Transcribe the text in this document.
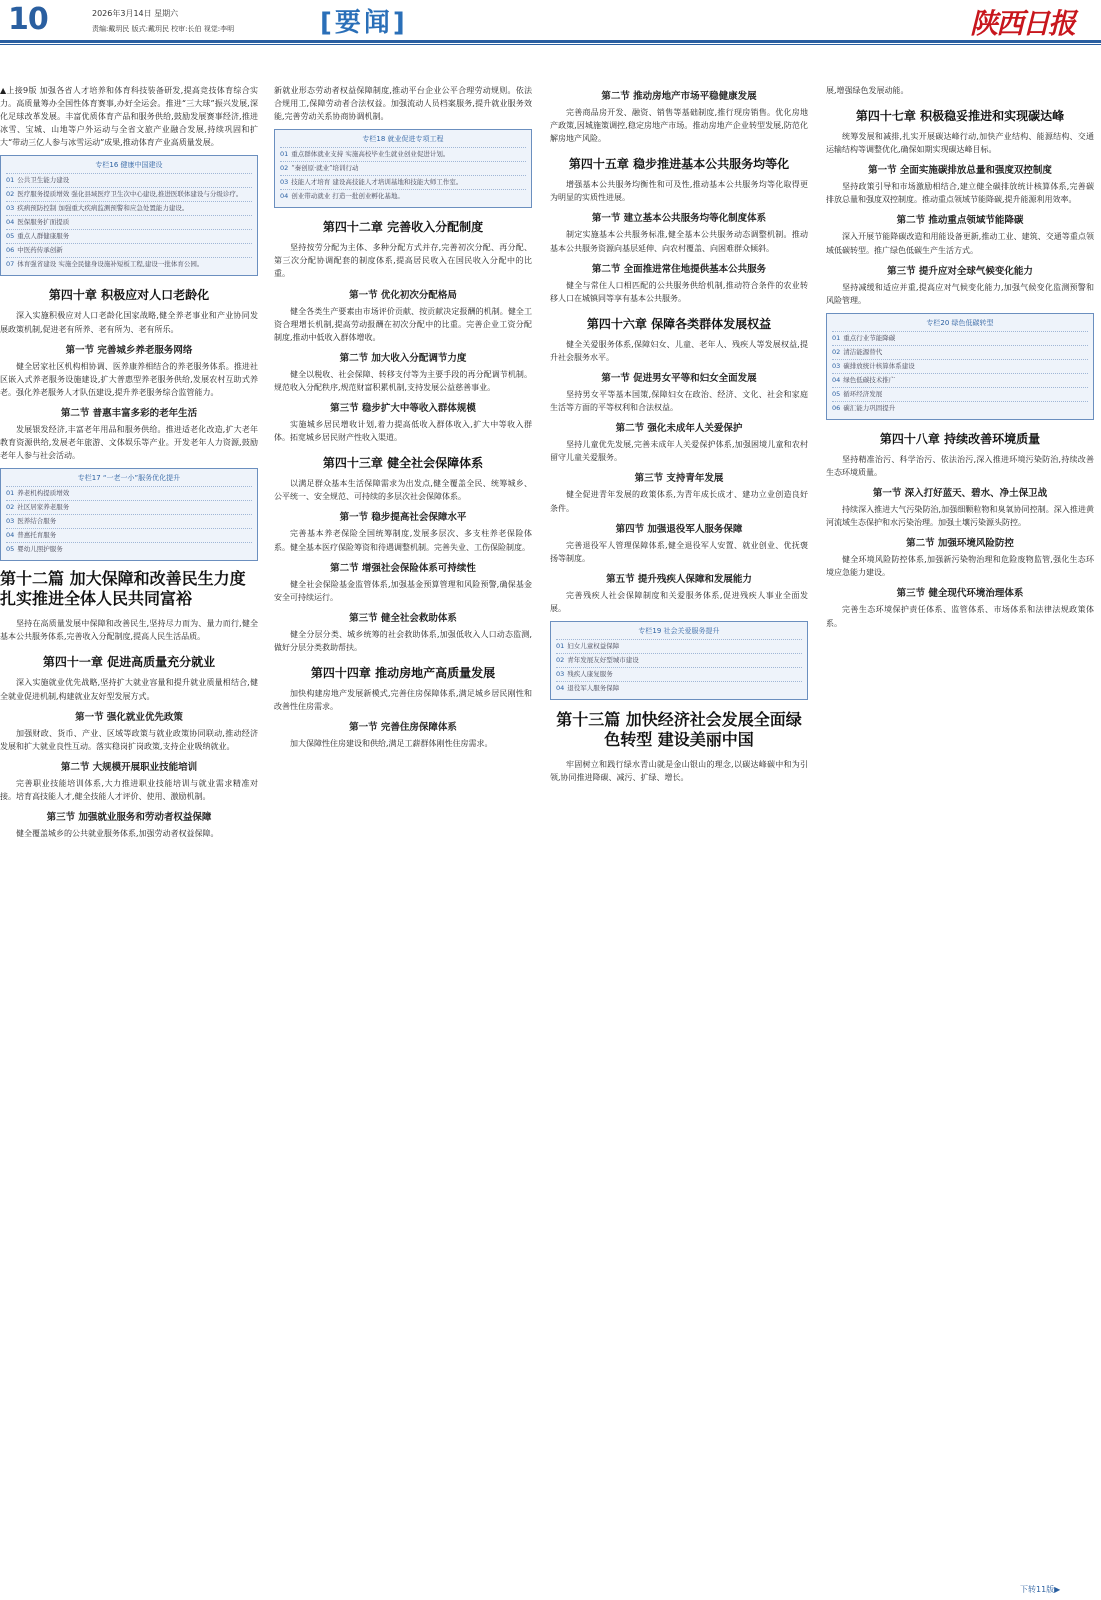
10	2026年3月14日 星期六
责编:戴玥民 版式:戴玥民 校审:长伯 视觉:李明	[要闻]	陕西日报

▲上接9版 加强各省人才培养和体育科技装备研发,提高竞技体育综合实力。高质量筹办全国性体育赛事,办好全运会。推进“三大球”振兴发展,深化足球改革发展。丰富优质体育产品和服务供给,鼓励发展赛事经济,推进冰雪、宝城、山地等户外运动与全省文旅产业融合发展,持续巩固和扩大“带动三亿人参与冰雪运动”成果,推动体育产业高质量发展。

专栏16 健康中国建设
01 公共卫生能力建设
02 医疗服务提质增效 强化县域医疗卫生次中心建设,推进医联体建设与分级诊疗。
03 疾病预防控制 加强重大疾病监测预警和应急处置能力建设。
04 医保服务扩面提质
05 重点人群健康服务
06 中医药传承创新
07 体育强省建设 实施全民健身设施补短板工程,建设一批体育公园。
第四十章 积极应对人口老龄化

深入实施积极应对人口老龄化国家战略,健全养老事业和产业协同发展政策机制,促进老有所养、老有所为、老有所乐。

第一节 完善城乡养老服务网络

健全居家社区机构相协调、医养康养相结合的养老服务体系。推进社区嵌入式养老服务设施建设,扩大普惠型养老服务供给,发展农村互助式养老。强化养老服务人才队伍建设,提升养老服务综合监管能力。

第二节 普惠丰富多彩的老年生活

发展银发经济,丰富老年用品和服务供给。推进适老化改造,扩大老年教育资源供给,发展老年旅游、文体娱乐等产业。开发老年人力资源,鼓励老年人参与社会活动。

专栏17 “一老一小”服务优化提升
01 养老机构提质增效
02 社区居家养老服务
03 医养结合服务
04 普惠托育服务
05 婴幼儿照护服务
第十二篇 加大保障和改善民生力度 扎实推进全体人民共同富裕

坚持在高质量发展中保障和改善民生,坚持尽力而为、量力而行,健全基本公共服务体系,完善收入分配制度,提高人民生活品质。

第四十一章 促进高质量充分就业

深入实施就业优先战略,坚持扩大就业容量和提升就业质量相结合,健全就业促进机制,构建就业友好型发展方式。

第一节 强化就业优先政策

加强财政、货币、产业、区域等政策与就业政策协同联动,推动经济发展和扩大就业良性互动。落实稳岗扩岗政策,支持企业吸纳就业。

第二节 大规模开展职业技能培训

完善职业技能培训体系,大力推进职业技能培训与就业需求精准对接。培育高技能人才,健全技能人才评价、使用、激励机制。

第三节 加强就业服务和劳动者权益保障

健全覆盖城乡的公共就业服务体系,加强劳动者权益保障。

新就业形态劳动者权益保障制度,推动平台企业公平合理劳动规则。依法合规用工,保障劳动者合法权益。加强流动人员档案服务,提升就业服务效能,完善劳动关系协商协调机制。

专栏18 就业促进专项工程
01 重点群体就业支持 实施高校毕业生就业创业促进计划。
02 “秦创原·就业”培训行动
03 技能人才培育 建设高技能人才培训基地和技能大师工作室。
04 创业带动就业 打造一批创业孵化基地。
第四十二章 完善收入分配制度

坚持按劳分配为主体、多种分配方式并存,完善初次分配、再分配、第三次分配协调配套的制度体系,提高居民收入在国民收入分配中的比重。

第一节 优化初次分配格局

健全各类生产要素由市场评价贡献、按贡献决定报酬的机制。健全工资合理增长机制,提高劳动报酬在初次分配中的比重。完善企业工资分配制度,推动中低收入群体增收。

第二节 加大收入分配调节力度

健全以税收、社会保障、转移支付等为主要手段的再分配调节机制。规范收入分配秩序,规范财富积累机制,支持发展公益慈善事业。

第三节 稳步扩大中等收入群体规模

实施城乡居民增收计划,着力提高低收入群体收入,扩大中等收入群体。拓宽城乡居民财产性收入渠道。

第四十三章 健全社会保障体系

以满足群众基本生活保障需求为出发点,健全覆盖全民、统筹城乡、公平统一、安全规范、可持续的多层次社会保障体系。

第一节 稳步提高社会保障水平

完善基本养老保险全国统筹制度,发展多层次、多支柱养老保险体系。健全基本医疗保险筹资和待遇调整机制。完善失业、工伤保险制度。

第二节 增强社会保险体系可持续性

健全社会保险基金监管体系,加强基金预算管理和风险预警,确保基金安全可持续运行。

第三节 健全社会救助体系

健全分层分类、城乡统筹的社会救助体系,加强低收入人口动态监测,做好分层分类救助帮扶。

第四十四章 推动房地产高质量发展

加快构建房地产发展新模式,完善住房保障体系,满足城乡居民刚性和改善性住房需求。

第一节 完善住房保障体系

加大保障性住房建设和供给,满足工薪群体刚性住房需求。

第二节 推动房地产市场平稳健康发展

完善商品房开发、融资、销售等基础制度,推行现房销售。优化房地产政策,因城施策调控,稳定房地产市场。推动房地产企业转型发展,防范化解房地产风险。

第四十五章 稳步推进基本公共服务均等化

增强基本公共服务均衡性和可及性,推动基本公共服务均等化取得更为明显的实质性进展。

第一节 建立基本公共服务均等化制度体系

制定实施基本公共服务标准,健全基本公共服务动态调整机制。推动基本公共服务资源向基层延伸、向农村覆盖、向困难群众倾斜。

第二节 全面推进常住地提供基本公共服务

健全与常住人口相匹配的公共服务供给机制,推动符合条件的农业转移人口在城镇同等享有基本公共服务。

第四十六章 保障各类群体发展权益

健全关爱服务体系,保障妇女、儿童、老年人、残疾人等发展权益,提升社会服务水平。

第一节 促进男女平等和妇女全面发展

坚持男女平等基本国策,保障妇女在政治、经济、文化、社会和家庭生活等方面的平等权利和合法权益。

第二节 强化未成年人关爱保护

坚持儿童优先发展,完善未成年人关爱保护体系,加强困境儿童和农村留守儿童关爱服务。

第三节 支持青年发展

健全促进青年发展的政策体系,为青年成长成才、建功立业创造良好条件。

第四节 加强退役军人服务保障

完善退役军人管理保障体系,健全退役军人安置、就业创业、优抚褒扬等制度。

第五节 提升残疾人保障和发展能力

完善残疾人社会保障制度和关爱服务体系,促进残疾人事业全面发展。

专栏19 社会关爱服务提升
01 妇女儿童权益保障
02 青年发展友好型城市建设
03 残疾人康复服务
04 退役军人服务保障
第十三篇 加快经济社会发展全面绿色转型 建设美丽中国

牢固树立和践行绿水青山就是金山银山的理念,以碳达峰碳中和为引领,协同推进降碳、减污、扩绿、增长。

展,增强绿色发展动能。

第四十七章 积极稳妥推进和实现碳达峰

统筹发展和减排,扎实开展碳达峰行动,加快产业结构、能源结构、交通运输结构等调整优化,确保如期实现碳达峰目标。

第一节 全面实施碳排放总量和强度双控制度

坚持政策引导和市场激励相结合,建立健全碳排放统计核算体系,完善碳排放总量和强度双控制度。推动重点领域节能降碳,提升能源利用效率。

第二节 推动重点领域节能降碳

深入开展节能降碳改造和用能设备更新,推动工业、建筑、交通等重点领域低碳转型。推广绿色低碳生产生活方式。

第三节 提升应对全球气候变化能力

坚持减缓和适应并重,提高应对气候变化能力,加强气候变化监测预警和风险管理。

专栏20 绿色低碳转型
01 重点行业节能降碳
02 清洁能源替代
03 碳排放统计核算体系建设
04 绿色低碳技术推广
05 循环经济发展
06 碳汇能力巩固提升
第四十八章 持续改善环境质量

坚持精准治污、科学治污、依法治污,深入推进环境污染防治,持续改善生态环境质量。

第一节 深入打好蓝天、碧水、净土保卫战

持续深入推进大气污染防治,加强细颗粒物和臭氧协同控制。深入推进黄河流域生态保护和水污染治理。加强土壤污染源头防控。

第二节 加强环境风险防控

健全环境风险防控体系,加强新污染物治理和危险废物监管,强化生态环境应急能力建设。

第三节 健全现代环境治理体系

完善生态环境保护责任体系、监管体系、市场体系和法律法规政策体系。

下转11版▶
